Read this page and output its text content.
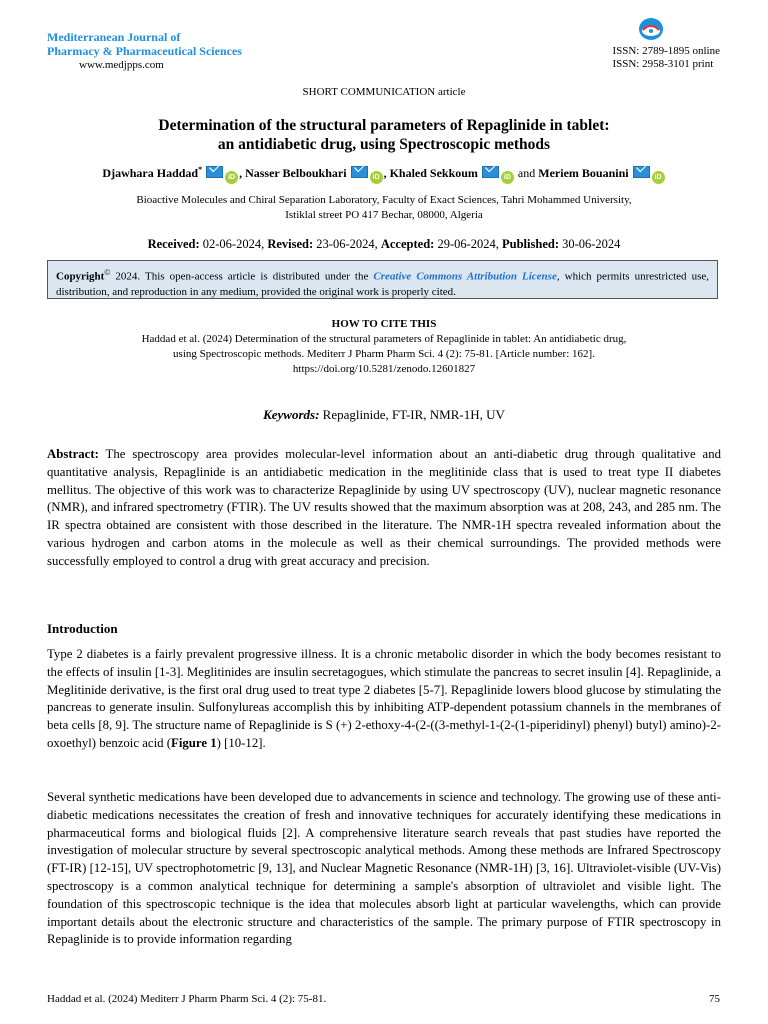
Mediterranean Journal of
Pharmacy & Pharmaceutical Sciences
www.medjpps.com
ISSN: 2789-1895 online
ISSN: 2958-3101 print
SHORT COMMUNICATION article
Determination of the structural parameters of Repaglinide in tablet:
an antidiabetic drug, using Spectroscopic methods
Djawhara Haddad*iD , Nasser Belboukhari	iD , Khaled Sekkoum	iD and Meriem Bouanini	iD
Bioactive Molecules and Chiral Separation Laboratory, Faculty of Exact Sciences, Tahri Mohammed University,
Istiklal street PO 417 Bechar, 08000, Algeria
Received: 02-06-2024, Revised: 23-06-2024, Accepted: 29-06-2024, Published: 30-06-2024
Copyright© 2024. This open-access article is distributed under the Creative Commons Attribution License, which permits unrestricted use, distribution, and reproduction in any medium, provided the original work is properly cited.
HOW TO CITE THIS
Haddad et al. (2024) Determination of the structural parameters of Repaglinide in tablet: An antidiabetic drug,
using Spectroscopic methods. Mediterr J Pharm Pharm Sci. 4 (2): 75-81. [Article number: 162].
https://doi.org/10.5281/zenodo.12601827
Keywords: Repaglinide, FT-IR, NMR-1H, UV
Abstract: The spectroscopy area provides molecular-level information about an anti-diabetic drug through qualitative and quantitative analysis, Repaglinide is an antidiabetic medication in the meglitinide class that is used to treat type II diabetes mellitus. The objective of this work was to characterize Repaglinide by using UV spectroscopy (UV), nuclear magnetic resonance (NMR), and infrared spectrometry (FTIR). The UV results showed that the maximum absorption was at 208, 243, and 285 nm. The IR spectra obtained are consistent with those described in the literature. The NMR-1H spectra revealed information about the various hydrogen and carbon atoms in the molecule as well as their chemical surroundings. The provided methods were successfully employed to control a drug with great accuracy and precision.
Introduction
Type 2 diabetes is a fairly prevalent progressive illness. It is a chronic metabolic disorder in which the body becomes resistant to the effects of insulin [1-3]. Meglitinides are insulin secretagogues, which stimulate the pancreas to secret insulin [4]. Repaglinide, a Meglitinide derivative, is the first oral drug used to treat type 2 diabetes [5-7]. Repaglinide lowers blood glucose by stimulating the pancreas to generate insulin. Sulfonylureas accomplish this by inhibiting ATP-dependent potassium channels in the membranes of beta cells [8, 9]. The structure name of Repaglinide is S (+) 2-ethoxy-4-(2-((3-methyl-1-(2-(1-piperidinyl) phenyl) butyl) amino)-2-oxoethyl) benzoic acid (Figure 1) [10-12].
Several synthetic medications have been developed due to advancements in science and technology. The growing use of these anti-diabetic medications necessitates the creation of fresh and innovative techniques for accurately identifying these medications in pharmaceutical forms and biological fluids [2]. A comprehensive literature search reveals that past studies have reported the investigation of molecular structure by several spectroscopic analytical methods. Among these methods are Infrared Spectroscopy (FT-IR) [12-15], UV spectrophotometric [9, 13], and Nuclear Magnetic Resonance (NMR-1H) [3, 16]. Ultraviolet-visible (UV-Vis) spectroscopy is a common analytical technique for determining a sample's absorption of ultraviolet and visible light. The foundation of this spectroscopic technique is the idea that molecules absorb light at particular wavelengths, which can provide important details about the electronic structure and characteristics of the sample. The primary purpose of FTIR spectroscopy in Repaglinide is to provide information regarding
Haddad et al. (2024) Mediterr J Pharm Pharm Sci. 4 (2): 75-81.	75
